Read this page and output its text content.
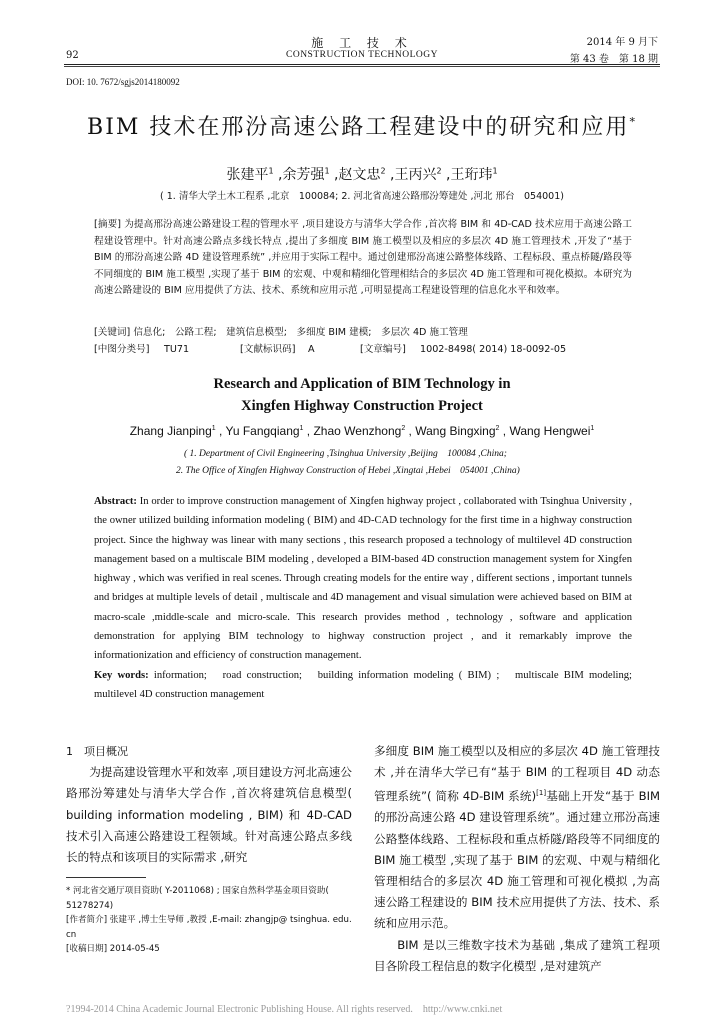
施 工 技 术	2014 年 9 月下
92	CONSTRUCTION TECHNOLOGY	第 43 卷　第 18 期
DOI: 10. 7672/sgjs2014180092
BIM 技术在邢汾高速公路工程建设中的研究和应用*
张建平$^1$ ,余芳强$^1$ ,赵文忠$^2$ ,王丙兴$^2$ ,王珩玮$^1$
( 1. 清华大学土木工程系 ,北京　100084; 2. 河北省高速公路邢汾筹建处 ,河北 邢台　054001)
[摘要] 为提高邢汾高速公路建设工程的管理水平 ,项目建设方与清华大学合作 ,首次将 BIM 和 4D-CAD 技术应用于高速公路工程建设管理中。针对高速公路点多线长特点 ,提出了多细度 BIM 施工模型以及相应的多层次 4D 施工管理技术 ,开发了“基于 BIM 的邢汾高速公路 4D 建设管理系统” ,并应用于实际工程中。通过创建邢汾高速公路整体线路、工程标段、重点桥隧/路段等不同细度的 BIM 施工模型 ,实现了基于 BIM 的宏观、中观和精细化管理相结合的多层次 4D 施工管理和可视化模拟。本研究为高速公路建设的 BIM 应用提供了方法、技术、系统和应用示范 ,可明显提高工程建设管理的信息化水平和效率。
[关键词] 信息化;　公路工程;　建筑信息模型;　多细度 BIM 建模;　多层次 4D 施工管理
[中图分类号] TU71	[文献标识码] A	[文章编号] 1002-8498( 2014) 18-0092-05
Research and Application of BIM Technology in
Xingfen Highway Construction Project
Zhang Jianping$^1$ , Yu Fangqiang$^1$ , Zhao Wenzhong$^2$ , Wang Bingxing$^2$ , Wang Hengwei$^1$
( 1. Department of Civil Engineering ,Tsinghua University ,Beijing　100084 ,China;
2. The Office of Xingfen Highway Construction of Hebei ,Xingtai ,Hebei　054001 ,China)
Abstract: In order to improve construction management of Xingfen highway project , collaborated with Tsinghua University , the owner utilized building information modeling ( BIM) and 4D-CAD technology for the first time in a highway construction project. Since the highway was linear with many sections , this research proposed a technology of multilevel 4D construction management based on a multiscale BIM modeling , developed a BIM-based 4D construction management system for Xingfen highway , which was verified in real scenes. Through creating models for the entire way , different sections , important tunnels and bridges at multiple levels of detail , multiscale and 4D management and visual simulation were achieved based on BIM at macro-scale ,middle-scale and micro-scale. This research provides method , technology , software and application demonstration for applying BIM technology to highway construction project , and it remarkably improve the informationization and efficiency of construction management.
Key words: information;　road construction;　building information modeling ( BIM) ;　multiscale BIM modeling;　multilevel 4D construction management
1　项目概况
为提高建设管理水平和效率 ,项目建设方河北高速公路邢汾筹建处与清华大学合作 ,首次将建筑信息模型( building information modeling , BIM) 和 4D-CAD 技术引入高速公路建设工程领域。针对高速公路点多线长的特点和该项目的实际需求 ,研究
* 河北省交通厅项目资助( Y-2011068) ; 国家自然科学基金项目资助( 51278274)
[作者简介] 张建平 ,博士生导师 ,教授 ,E-mail: zhangjp@ tsinghua. edu. cn
[收稿日期] 2014-05-45
多细度 BIM 施工模型以及相应的多层次 4D 施工管理技术 ,并在清华大学已有“基于 BIM 的工程项目 4D 动态管理系统”( 简称 4D-BIM 系统)[1]基础上开发“基于 BIM 的邢汾高速公路 4D 建设管理系统”。通过建立邢汾高速公路整体线路、工程标段和重点桥隧/路段等不同细度的 BIM 施工模型 ,实现了基于 BIM 的宏观、中观与精细化管理相结合的多层次 4D 施工管理和可视化模拟 ,为高速公路工程建设的 BIM 技术应用提供了方法、技术、系统和应用示范。
BIM 是以三维数字技术为基础 ,集成了建筑工程项目各阶段工程信息的数字化模型 ,是对建筑产
?1994-2014 China Academic Journal Electronic Publishing House. All rights reserved.　http://www.cnki.net
